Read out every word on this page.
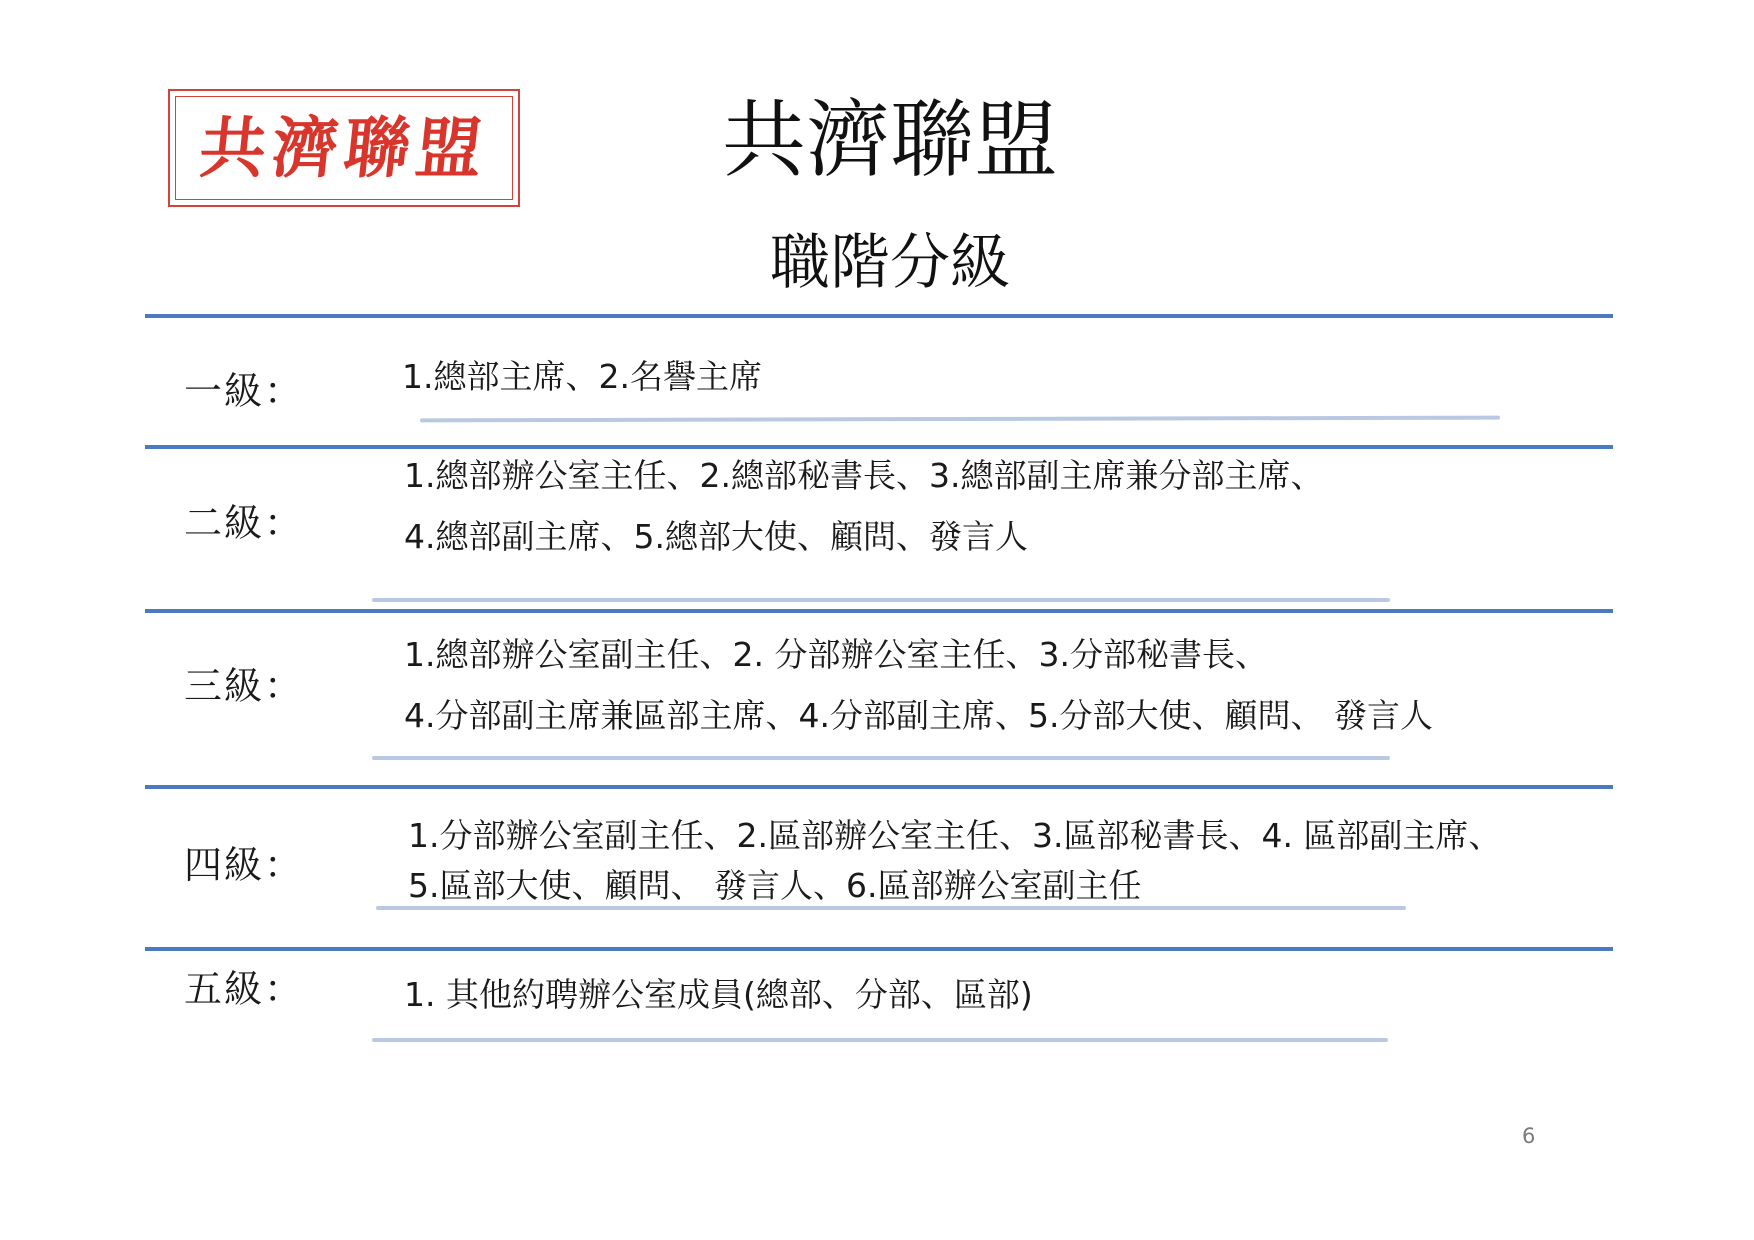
共濟聯盟	共濟聯盟
職階分級
一級：	1.總部主席、2.名譽主席
二級：
1.總部辦公室主任、2.總部秘書長、3.總部副主席兼分部主席、
4.總部副主席、5.總部大使、顧問、發言人
三級：
1.總部辦公室副主任、2. 分部辦公室主任、3.分部秘書長、
4.分部副主席兼區部主席、4.分部副主席、5.分部大使、顧問、 發言人
四級：
1.分部辦公室副主任、2.區部辦公室主任、3.區部秘書長、4. 區部副主席、
5.區部大使、顧問、 發言人、6.區部辦公室副主任
五級：	1. 其他約聘辦公室成員(總部、分部、區部)
6
